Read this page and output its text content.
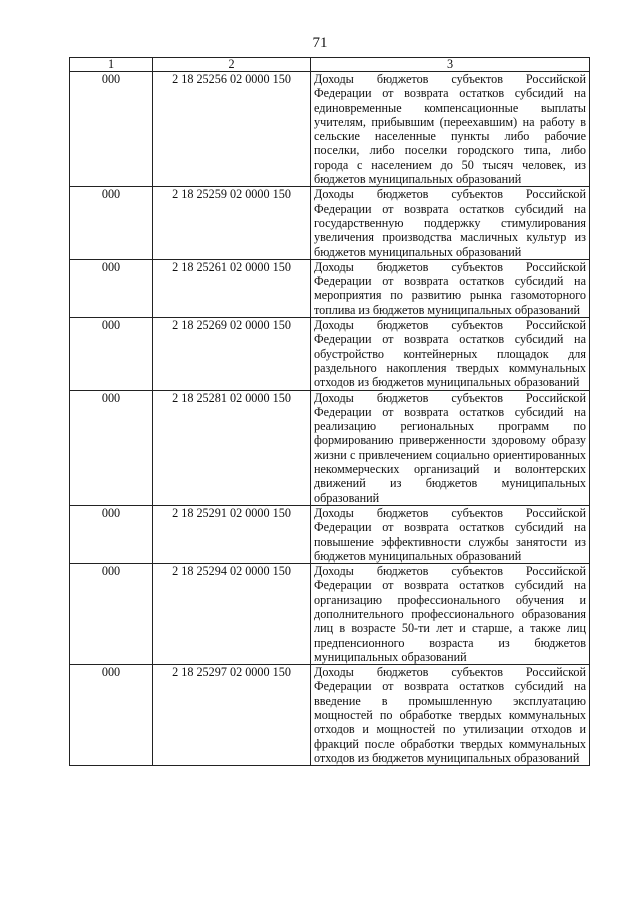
71
1	2	3
000	2 18 25256 02 0000 150	Доходы бюджетов субъектов Российской Федерации от возврата остатков субсидий на единовременные компенсационные выплаты учителям, прибывшим (переехавшим) на работу в сельские населенные пункты либо рабочие поселки, либо поселки городского типа, либо города с населением до 50 тысяч человек, из бюджетов муниципальных образований
000	2 18 25259 02 0000 150	Доходы бюджетов субъектов Российской Федерации от возврата остатков субсидий на государственную поддержку стимулирования увеличения производства масличных культур из бюджетов муниципальных образований
000	2 18 25261 02 0000 150	Доходы бюджетов субъектов Российской Федерации от возврата остатков субсидий на мероприятия по развитию рынка газомоторного топлива из бюджетов муниципальных образований
000	2 18 25269 02 0000 150	Доходы бюджетов субъектов Российской Федерации от возврата остатков субсидий на обустройство контейнерных площадок для раздельного накопления твердых коммунальных отходов из бюджетов муниципальных образований
000	2 18 25281 02 0000 150	Доходы бюджетов субъектов Российской Федерации от возврата остатков субсидий на реализацию региональных программ по формированию приверженности здоровому образу жизни с привлечением социально ориентированных некоммерческих организаций и волонтерских движений из бюджетов муниципальных образований
000	2 18 25291 02 0000 150	Доходы бюджетов субъектов Российской Федерации от возврата остатков субсидий на повышение эффективности службы занятости из бюджетов муниципальных образований
000	2 18 25294 02 0000 150	Доходы бюджетов субъектов Российской Федерации от возврата остатков субсидий на организацию профессионального обучения и дополнительного профессионального образования лиц в возрасте 50-ти лет и старше, а также лиц предпенсионного возраста из бюджетов муниципальных образований
000	2 18 25297 02 0000 150	Доходы бюджетов субъектов Российской Федерации от возврата остатков субсидий на введение в промышленную эксплуатацию мощностей по обработке твердых коммунальных отходов и мощностей по утилизации отходов и фракций после обработки твердых коммунальных отходов из бюджетов муниципальных образований
